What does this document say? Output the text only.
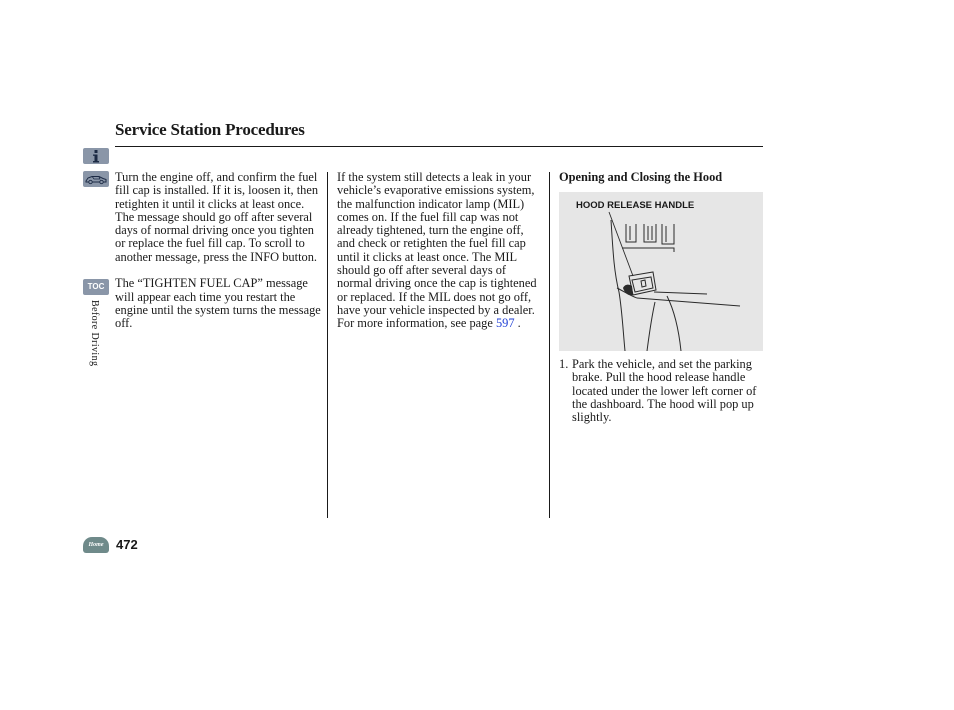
Service Station Procedures
TOC
Before Driving

Turn the engine off, and confirm the fuel fill cap is installed. If it is, loosen it, then retighten it until it clicks at least once. The message should go off after several days of normal driving once you tighten or replace the fuel fill cap. To scroll to another message, press the INFO button.

The “TIGHTEN FUEL CAP” message will appear each time you restart the engine until the system turns the message off.

If the system still detects a leak in your vehicle’s evaporative emissions system, the malfunction indicator lamp (MIL) comes on. If the fuel fill cap was not already tightened, turn the engine off, and check or retighten the fuel fill cap until it clicks at least once. The MIL should go off after several days of normal driving once the cap is tightened or replaced. If the MIL does not go off, have your vehicle inspected by a dealer. For more information, see page 597 .

Opening and Closing the Hood

HOOD RELEASE HANDLE
1. Park the vehicle, and set the parking brake. Pull the hood release handle located under the lower left corner of the dashboard. The hood will pop up slightly.
Home 472
